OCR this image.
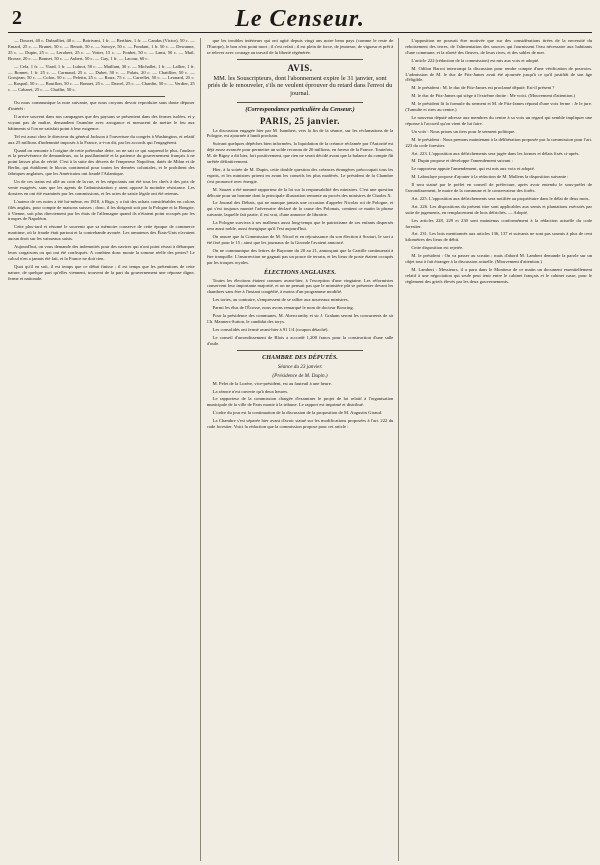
2	Le Censeur.

— Doucet, 40 c. Dubuilliet, 40 c. — Boirivant, 1 fr. — Berthier, 1 fr. — Candas (Victor), 50 c. — Emard, 25 c. — Brunet, 50 c. — Benoit, 50 c. — Savoye, 50 c. — Fondant, 1 fr. 50 c. — Dewanne, 25 c. — Dupin, 25 c. — Lerobert, 25 c. — Votier, 15 c. — Fonbet, 50 c. — Lami, 50 c. — Mail, Brosse, 20 c. — Bonnet, 50 c. — Aubert, 50 c. — Gay, 1 fr. — Lacour, 60 c.

— Cela, 1 fr. — Viard, 1 fr. — Lubrot, 50 c. — Maillant, 30 c. — Michallet, 1 fr. — Lallier, 1 fr. — Bonnet, 1 fr. 25 c. — Carmaud, 25 c. — Dubet, 50 c. — Palais, 20 c. — Chatillier, 50 c. — Grosjean, 50 c. — Colon, 50 c. — Peletin, 25 c. — Roux, 75 c. — Carrellet, 50 c. — Leonard, 25 c. — Raspail, 50 c. — Bouillon, 50 c. — Bonnet, 25 c. — Darcel, 25 c. — Chardin, 50 c. — Verdier, 25 c. — Cabaret, 25 c. — Chaffin, 50 c.

Ou nous communique la note suivante, que nous croyons devoir reproduire sans doute déposer d'intérêt :

Il arrive souvent dans nos campagnes que des paysans se présentent dans des fermes isolées, et y voyant pas de maître, demandent l'aumône avec arrogance et menacent de mettre le feu aux bâtiments si l'on ne satisfait point à leur exigence.

Tel est aussi chez le directeur du général Jackson à l'ouverture du congrès à Washington, et relatif aux 25 millions d'indemnité imposés à la France, a-t-on dit, par les accords qui l'engagèrent.

Quand on remonte à l'origine de cette prétendue dette, on ne sait ce qui surprend le plus, l'audace et la persévérance de demandeurs, ou la pusillanimité et la patience du gouvernement français à ne point laisser plus de vérité. C'est à la suite des décrets de l'empereur Napoléon, datés de Milan et de Berlin, qui établirent le blocus continental pour toutes les denrées coloniales, et le prohibent des fabriques anglaises, que les Américains ont fraudé l'Atlantique.

Un de ces trains est allé au coin de la rue, et les négociants ont été tous les chefs à des prix de vente exagérés, sans que les agents de l'administration y aient opposé la moindre résistance. Les dossiers en ont été examinés par les commissions, et les actes de saisie légale ont été retenus.

L'auteur de ces notes a été lui-même, en 1810, à Riga, y a fait des achats considérables en colons filés anglais, pour compte de maisons suisses ; donc, il les dirigeait soit par la Pologne et la Hongrie, à Vienne, soit plus directement par les états de l'allemagne quand ils n'étaient point occupés par les troupes de Napoléon.

Cette plus-tard et résumé le souvenir que sa mémoire conserve de cette époque de commerce maritime, où la fraude était partout et la contrebande avouée. Les armateurs des États-Unis n'avaient aucun droit sur les vaisseaux saisis.

Aujourd'hui, on vous demande des indemnités pour des navires qui n'ont point réussi à débarquer leurs cargaisons ou qui ont été confisqués. A combien donc monte la somme réelle des pertes? Le calcul n'en a jamais été fait, et la France ne doit rien.

Quoi qu'il en soit, il est temps que ce débat finisse ; il est temps que les prétentions de cette nature, de quelque part qu'elles viennent, trouvent de la part du gouvernement une réponse digne, ferme et nationale.

que les troubles intérieurs qui ont agité depuis vingt ans notre beau pays (comme le reste de l'Europe), le bon n'est point mort ; il s'est refait ; il est plein de force, de jeunesse, de vigueur et prêt à se relever avec courage au travail de la liberté régénérée.

AVIS.
MM. les Souscripteurs, dont l'abonnement expire le 31 janvier, sont priés de le renouveler, s'ils ne veulent éprouver du retard dans l'envoi du journal.
(Correspondance particulière du Censeur.)
PARIS, 25 janvier.

La discussion engagée hier par M. Isambert, vers la fin de la séance, sur les réclamations de la Pologne, est ajournée à lundi prochain.

Suivant quelques dépêches bien informées, la liquidation de la créance réclamée par l'Autorité est déjà assez avancée pour permettre un solde reconnu de 20 millions, en faveur de la France. Toutefois, M. de Rigny a dit hier, fort positivement, que rien ne serait décidé avant que la balance du compte fût arrêtée définitivement.

Hier, à la soirée de M. Dupin, cette double question des créances étrangères préoccupait tous les esprits, et les ministres prirent en avant les conseils les plus modérés. Le président de la Chambre s'est prononcé avec énergie.

M. Sauzet a été nommé rapporteur de la loi sur la responsabilité des ministres. C'est une question délicate pour un homme dont la principale illustration remonte au procès des ministres de Charles X.

Le Journal des Débats, qui ne manque jamais une occasion d'appeler Nicolas roi de Pologne, et qui s'est toujours montré l'adversaire déclaré de la cause des Polonais, contient ce matin la phrase suivante, laquelle fait partie, il est vrai, d'une annonce de librairie.

La Pologne survivra à ses malheurs aussi long-temps que le patriotisme de ses enfants dispersés sera aussi noble, aussi énergique qu'il l'est aujourd'hui.

On assure que la Commission de M. Nicod et en réjouissance du son élection à Scutari, le sort a été fixé pour le 15 ; ainsi que les journaux de la Gironde l'avaient annoncé.

On ne communique des lettres de Bayonne du 20 au 21, annonçant que la Castille continuerait à être tranquille. L'insurrection ne gagnait pas un pouce de terrain, et les lieux de poste étaient occupés par les troupes royales.

ÉLECTIONS ANGLAISES.

Toutes les élections étaient connues avant-hier, à l'exception d'une vingtaine. Les réformistes conservent leur importante majorité, et on ne pensait pas que le ministère pût se présenter devant les chambres sans être à l'instant congédié, à moins d'un programme modifié.

Les tories, au contraire, s'empressent de se rallier aux nouveaux ministres.

Parmi les élus de l'Écosse, nous avons remarqué le nom de docteur Bowring.

Pour la présidence des communes, M. Abercromby et sir J. Graham seront les concurrents de sir Ch. Manners-Sutton, le candidat des torys.

Les consolidés ont fermé avant-hier à 91 1/4 (coupon détaché).

Le conseil d'arrondissement de Blois a accordé 1,200 francs pour la construction d'une salle d'asile.

CHAMBRE DES DÉPUTÉS.
Séance du 23 janvier.
(Présidence de M. Dupin.)

M. Pelet de la Lozère, vice-président, est au fauteuil à une heure.

La séance n'est ouverte qu'à deux heures.

Le rapporteur de la commission chargée d'examiner le projet de loi relatif à l'organisation municipale de la ville de Paris monte à la tribune. Le rapport est imprimé et distribué.

L'ordre du jour est la continuation de la discussion de la proposition de M. Augustin Giraud.

La Chambre s'est séparée hier avant d'avoir statué sur les modifications proposées à l'art. 222 du code forestier. Voici la rédaction que la commission propose pour cet article :

L'opposition ne pouvait être motivée que sur des considérations tirées de la necessité du reboisement des terres, de l'alimentation des sources qui fournissent l'eau nécessaire aux habitants d'une commune, et la sûreté des fleuves, de leurs rives, et des sables de mer.

L'article 222 (rédaction de la commission) est mis aux voix et adopté.

M. Odilon Barrot interrompt la discussion pour rendre compte d'une vérification de pouvoirs. L'admission de M. le duc de Fitz-James avait été ajournée jusqu'à ce qu'il justifiât de son âge d'éligible.

M. le président : M. le duc de Fitz-James est proclamé député. Est-il présent ?

M. le duc de Fitz-James qui siège à l'extrême droite : Me voici. (Mouvement d'attention.)

M. le président lit la formule du serment et M. de Fitz-James répond d'une voix ferme : Je le jure. (Tumulte et rires au centre.)

Le nouveau député adresse aux membres du centre à sa voix un regard qui semble impliquer une réponse à l'accueil qu'on vient de lui faire.

Un voix : Nous prions un tiers pour le serment politique.

M. le président : Nous prenons maintenant à la délibération proposée par la commission pour l'art. 223 du code forestier.

Art. 223. L'opposition aux défrichements sera jugée dans les formes et délais fixés ci-après.

M. Dupin propose et développe l'amendement suivant :

Le rapporteur appuie l'amendement, qui est mis aux voix et adopté.

M. Laboulaye propose d'ajouter à la rédaction de M. Mullens la disposition suivante :

Il sera statué par le préfet en conseil de préfecture, après avoir entendu le sous-préfet de l'arrondissement, le maire de la commune et le conservateur des forêts.

Art. 225. L'opposition aux défrichements sera notifiée au propriétaire dans le délai de deux mois.

Art. 226. Les dispositions du présent titre sont applicables aux semis et plantations exécutés par suite de jugements, en remplacement de bois défrichés. — Adopté.

Les articles 228, 229 et 230 sont maintenus conformément à la rédaction actuelle du code forestier.

Art. 231. Les bois mentionnés aux articles 136, 137 et suivants ne sont pas soumis à plus de cent kilomètres des lieux de débit.

Cette disposition est rejetée.

M. le président : On va passer au scrutin ; mais d'abord M. Lambert demande la parole sur un objet tout à fait étranger à la discussion actuelle. (Mouvement d'attention.)

M. Lambert : Messieurs, il a paru dans le Moniteur de ce matin un document essentiellement relatif à une négociation qui seule peut tenir entre le cabinet français et le cabinet russe, pour le règlement des griefs élevés par les deux gouvernements.
